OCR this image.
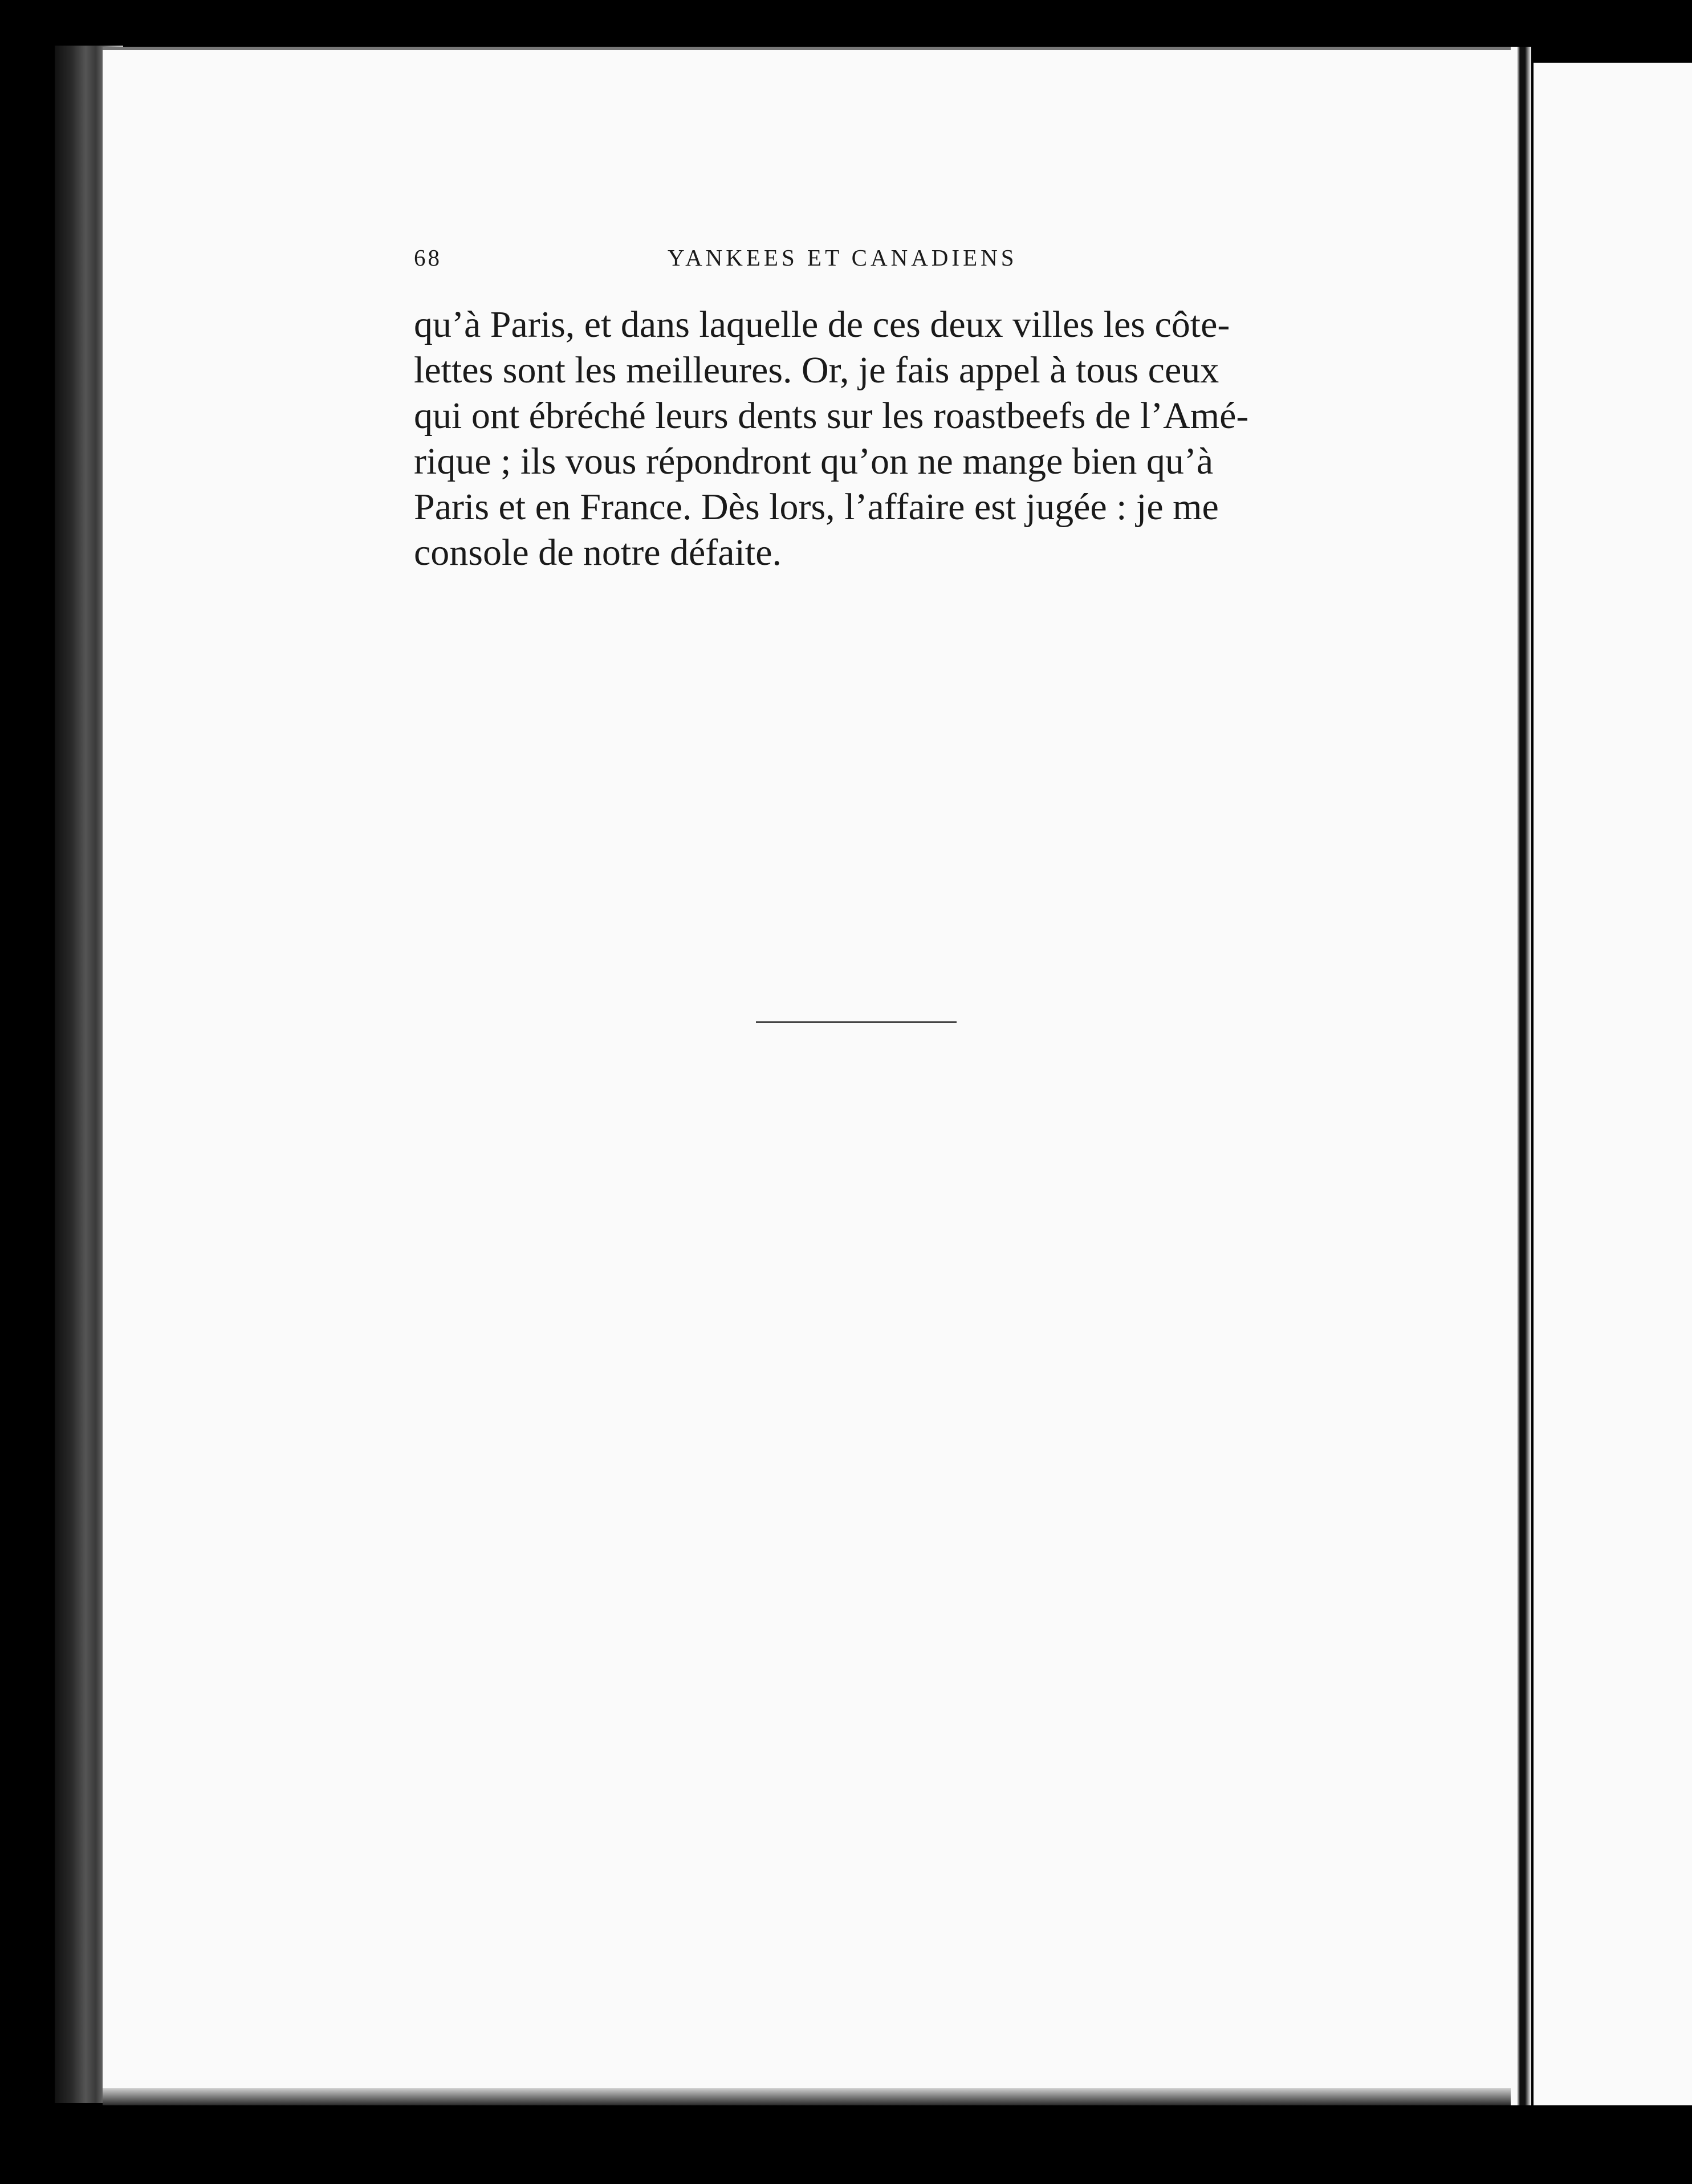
68	YANKEES ET CANADIENS
qu’à Paris, et dans laquelle de ces deux villes les côte-
lettes sont les meilleures. Or, je fais appel à tous ceux
qui ont ébréché leurs dents sur les roastbeefs de l’Amé-
rique ; ils vous répondront qu’on ne mange bien qu’à
Paris et en France. Dès lors, l’affaire est jugée : je me
console de notre défaite.
